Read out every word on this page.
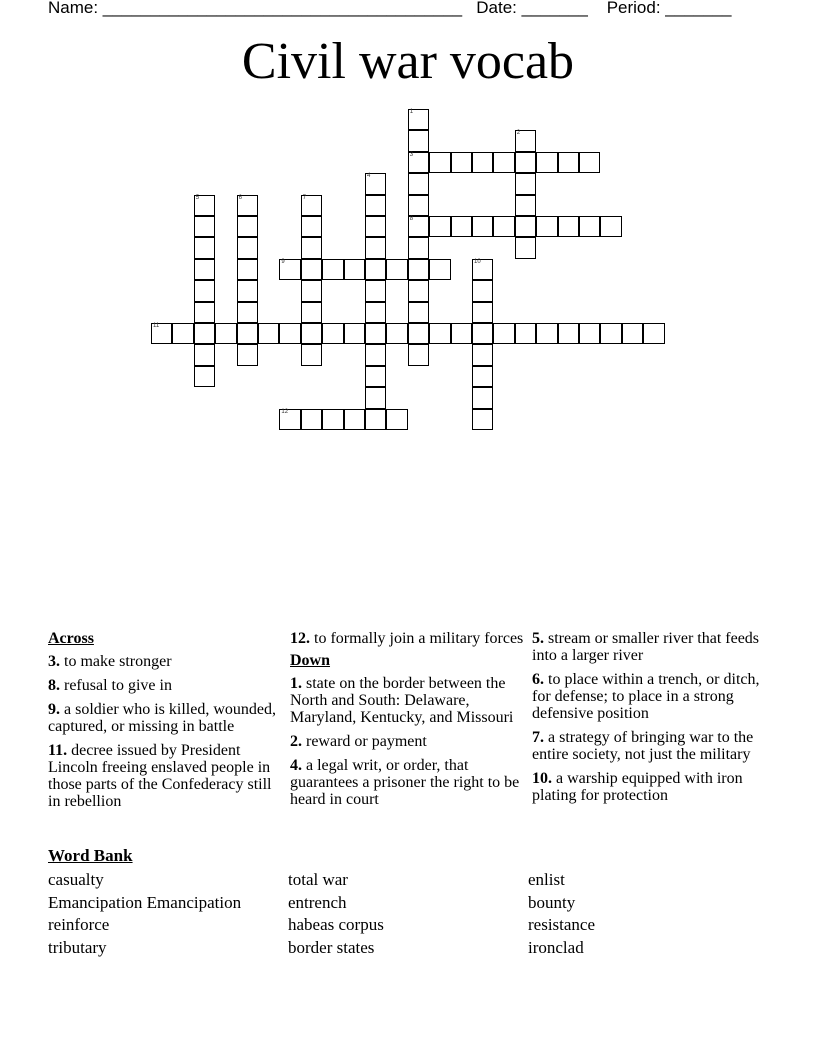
Name: ______________________________________ Date: _______ Period: _______
Civil war vocab
1
3
8
2
4
5	6	7
9	10
11
12
Across
3. to make stronger
8. refusal to give in
9. a soldier who is killed, wounded, captured, or missing in battle
11. decree issued by President Lincoln freeing enslaved people in those parts of the Confederacy still in rebellion
12. to formally join a military forces
Down
1. state on the border between the North and South: Delaware, Maryland, Kentucky, and Missouri
2. reward or payment
4. a legal writ, or order, that guarantees a prisoner the right to be heard in court
5. stream or smaller river that feeds into a larger river
6. to place within a trench, or ditch, for defense; to place in a strong defensive position
7. a strategy of bringing war to the entire society, not just the military
10. a warship equipped with iron plating for protection
Word Bank
casualty
Emancipation Emancipation
reinforce
tributary
total war
entrench
habeas corpus
border states
enlist
bounty
resistance
ironclad
